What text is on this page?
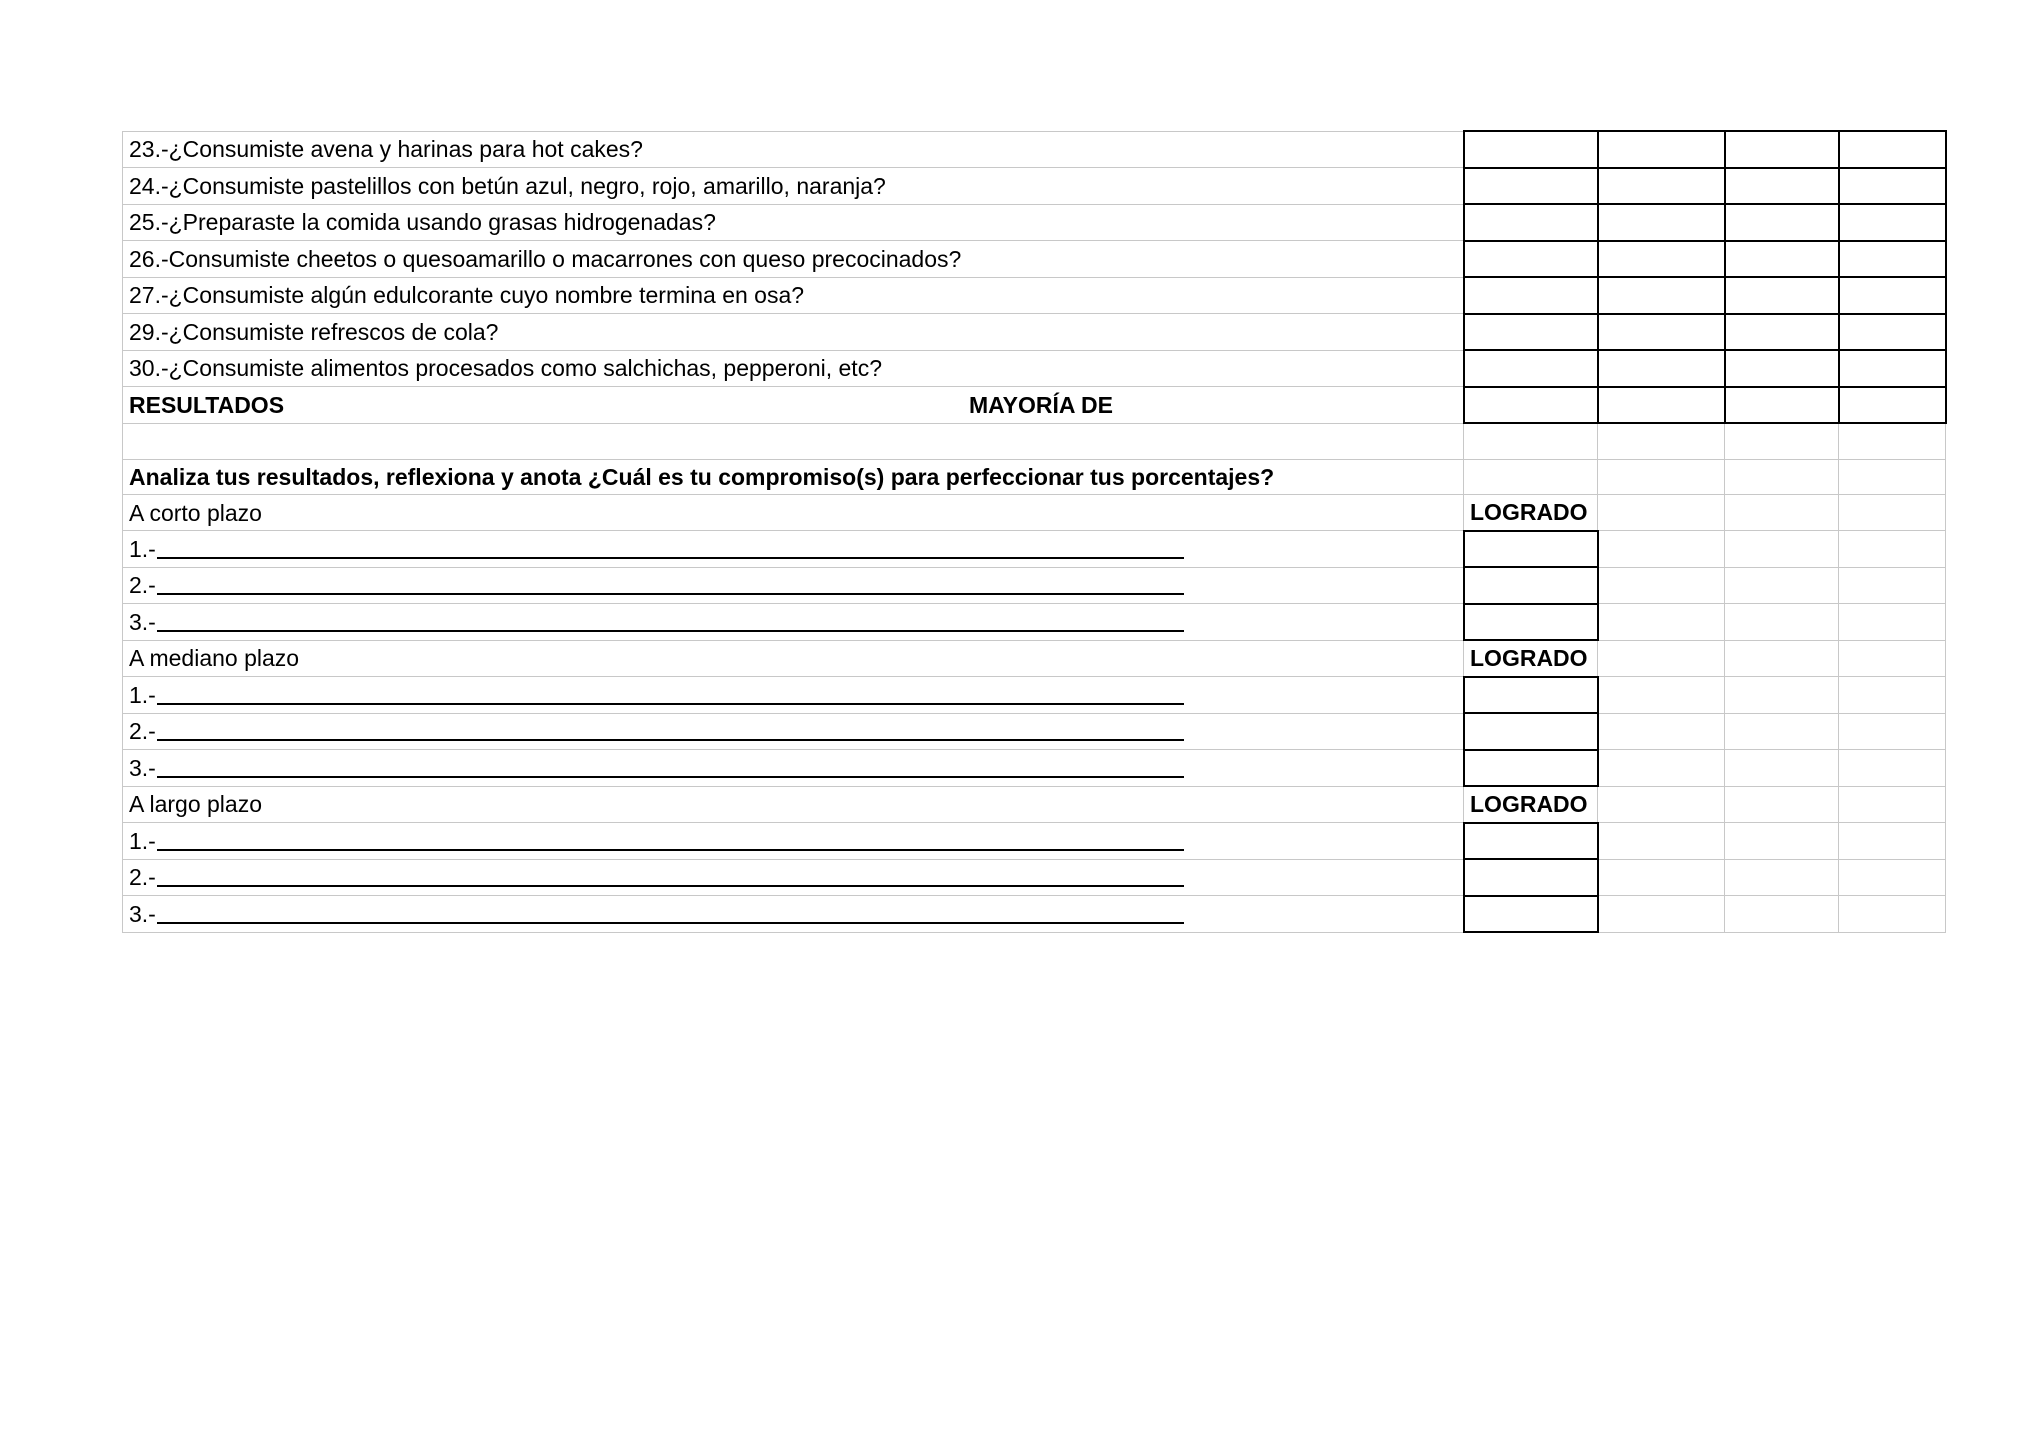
23.-¿Consumiste avena y harinas para hot cakes?				
24.-¿Consumiste pastelillos con betún azul, negro, rojo, amarillo, naranja?				
25.-¿Preparaste la comida usando grasas hidrogenadas?				
26.-Consumiste cheetos o quesoamarillo o macarrones con queso precocinados?				
27.-¿Consumiste algún edulcorante cuyo nombre termina en osa?				
29.-¿Consumiste refrescos de cola?				
30.-¿Consumiste alimentos procesados como salchichas, pepperoni, etc?				

RESULTADOS MAYORÍA DE				

Analiza tus resultados, reflexiona y anota ¿Cuál es tu compromiso(s) para perfeccionar tus porcentajes?				
A corto plazo	LOGRADO			
1.-				
2.-				
3.-				
A mediano plazo	LOGRADO			
1.-				
2.-				
3.-				
A largo plazo	LOGRADO			
1.-				
2.-				
3.-				
